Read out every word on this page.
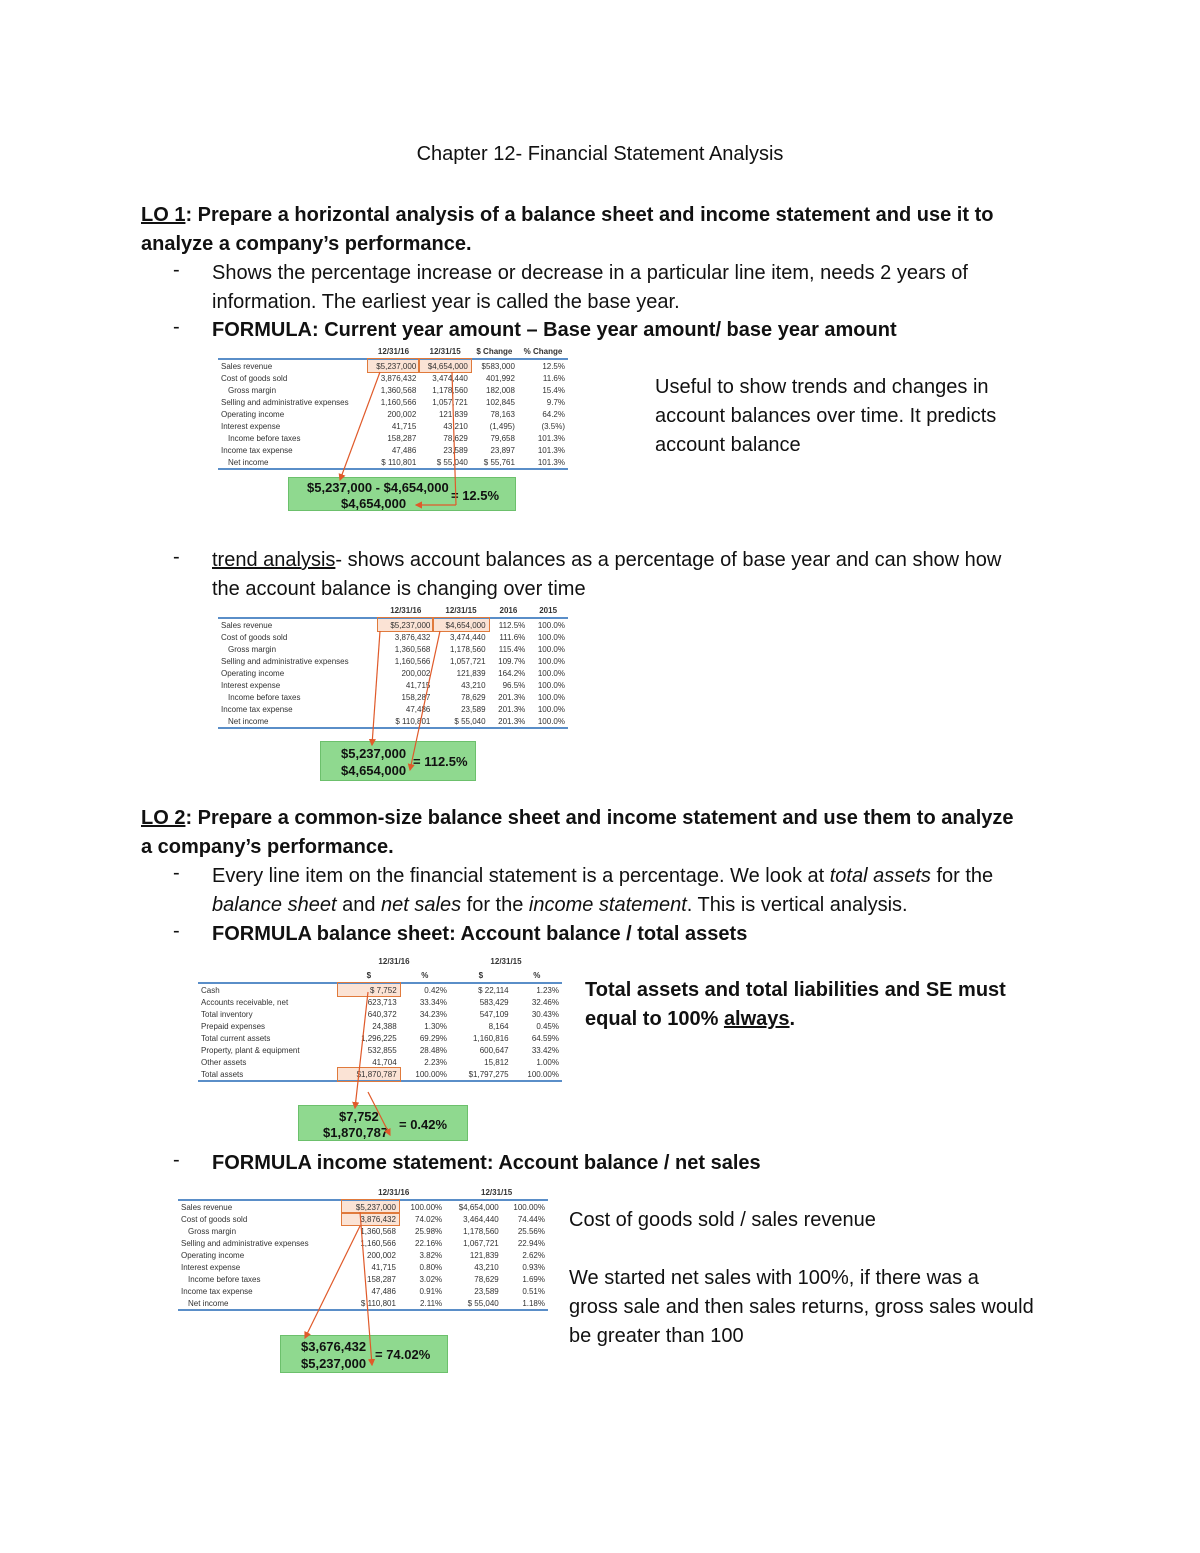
Chapter 12- Financial Statement Analysis
LO 1: Prepare a horizontal analysis of a balance sheet and income statement and use it to
analyze a company’s performance.
- Shows the percentage increase or decrease in a particular line item, needs 2 years of
information. The earliest year is called the base year.
- FORMULA: Current year amount – Base year amount/ base year amount
	12/31/16	12/31/15	$ Change	% Change
Sales revenue	$5,237,000	$4,654,000	$583,000	12.5%
Cost of goods sold	3,876,432	3,474,440	401,992	11.6%
Gross margin	1,360,568	1,178,560	182,008	15.4%
Selling and administrative expenses	1,160,566	1,057,721	102,845	9.7%
Operating income	200,002	121,839	78,163	64.2%
Interest expense	41,715	43,210	(1,495)	(3.5%)
Income before taxes	158,287	78,629	79,658	101.3%
Income tax expense	47,486	23,589	23,897	101.3%
Net income	$ 110,801	$ 55,040	$ 55,761	101.3%
$5,237,000 - $4,654,000
$4,654,000
= 12.5%
Useful to show trends and changes in
account balances over time. It predicts
account balance
- trend analysis- shows account balances as a percentage of base year and can show how
the account balance is changing over time
	12/31/16	12/31/15	2016	2015
Sales revenue	$5,237,000	$4,654,000	112.5%	100.0%
Cost of goods sold	3,876,432	3,474,440	111.6%	100.0%
Gross margin	1,360,568	1,178,560	115.4%	100.0%
Selling and administrative expenses	1,160,566	1,057,721	109.7%	100.0%
Operating income	200,002	121,839	164.2%	100.0%
Interest expense	41,715	43,210	96.5%	100.0%
Income before taxes	158,287	78,629	201.3%	100.0%
Income tax expense	47,486	23,589	201.3%	100.0%
Net income	$ 110,801	$ 55,040	201.3%	100.0%
$5,237,000
$4,654,000
= 112.5%
LO 2: Prepare a common-size balance sheet and income statement and use them to analyze
a company’s performance.
- Every line item on the financial statement is a percentage. We look at total assets for the
balance sheet and net sales for the income statement. This is vertical analysis.
- FORMULA balance sheet: Account balance / total assets
	12/31/16		12/31/15	
	$	%	$	%
Cash	$ 7,752	0.42%	$ 22,114	1.23%
Accounts receivable, net	623,713	33.34%	583,429	32.46%
Total inventory	640,372	34.23%	547,109	30.43%
Prepaid expenses	24,388	1.30%	8,164	0.45%
Total current assets	1,296,225	69.29%	1,160,816	64.59%
Property, plant & equipment	532,855	28.48%	600,647	33.42%
Other assets	41,704	2.23%	15,812	1.00%
Total assets	$1,870,787	100.00%	$1,797,275	100.00%
$7,752
$1,870,787
= 0.42%
Total assets and total liabilities and SE must
equal to 100% always.
- FORMULA income statement: Account balance / net sales
	12/31/16		12/31/15	
Sales revenue	$5,237,000	100.00%	$4,654,000	100.00%
Cost of goods sold	3,876,432	74.02%	3,464,440	74.44%
Gross margin	1,360,568	25.98%	1,178,560	25.56%
Selling and administrative expenses	1,160,566	22.16%	1,067,721	22.94%
Operating income	200,002	3.82%	121,839	2.62%
Interest expense	41,715	0.80%	43,210	0.93%
Income before taxes	158,287	3.02%	78,629	1.69%
Income tax expense	47,486	0.91%	23,589	0.51%
Net income	$ 110,801	2.11%	$ 55,040	1.18%
$3,676,432
$5,237,000
= 74.02%
Cost of goods sold / sales revenue
We started net sales with 100%, if there was a
gross sale and then sales returns, gross sales would
be greater than 100
